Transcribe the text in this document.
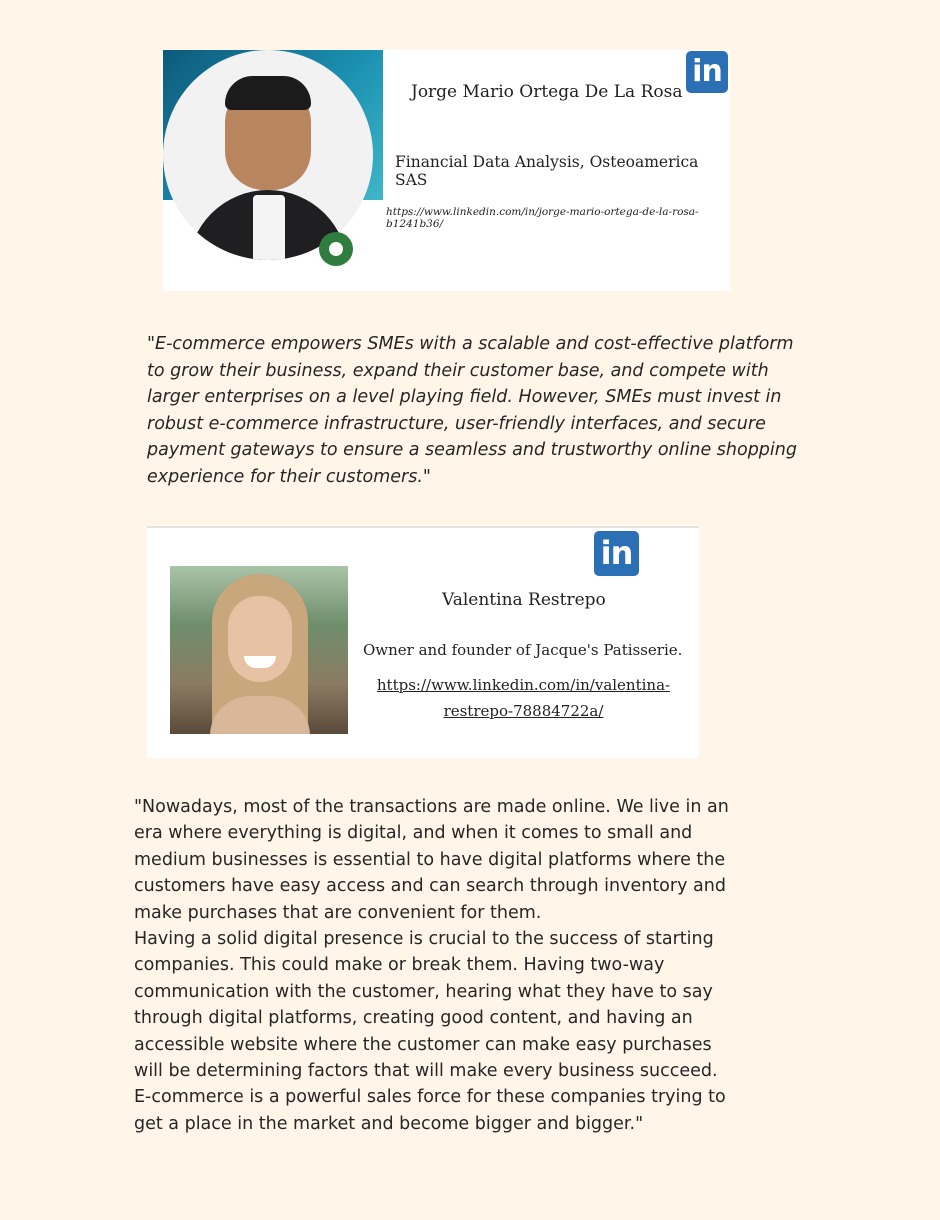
Jorge Mario Ortega De La Rosa
in
Financial Data Analysis, Osteoamerica SAS
https://www.linkedin.com/in/jorge-mario-ortega-de-la-rosa-b1241b36/

"E-commerce empowers SMEs with a scalable and cost-effective platform to grow their business, expand their customer base, and compete with larger enterprises on a level playing field. However, SMEs must invest in robust e-commerce infrastructure, user-friendly interfaces, and secure payment gateways to ensure a seamless and trustworthy online shopping experience for their customers."

in
Valentina Restrepo
Owner and founder of Jacque's Patisserie.
https://www.linkedin.com/in/valentina-restrepo-78884722a/

"Nowadays, most of the transactions are made online. We live in an era where everything is digital, and when it comes to small and medium businesses is essential to have digital platforms where the customers have easy access and can search through inventory and make purchases that are convenient for them.
Having a solid digital presence is crucial to the success of starting companies. This could make or break them. Having two-way communication with the customer, hearing what they have to say through digital platforms, creating good content, and having an accessible website where the customer can make easy purchases will be determining factors that will make every business succeed.
E-commerce is a powerful sales force for these companies trying to get a place in the market and become bigger and bigger."
